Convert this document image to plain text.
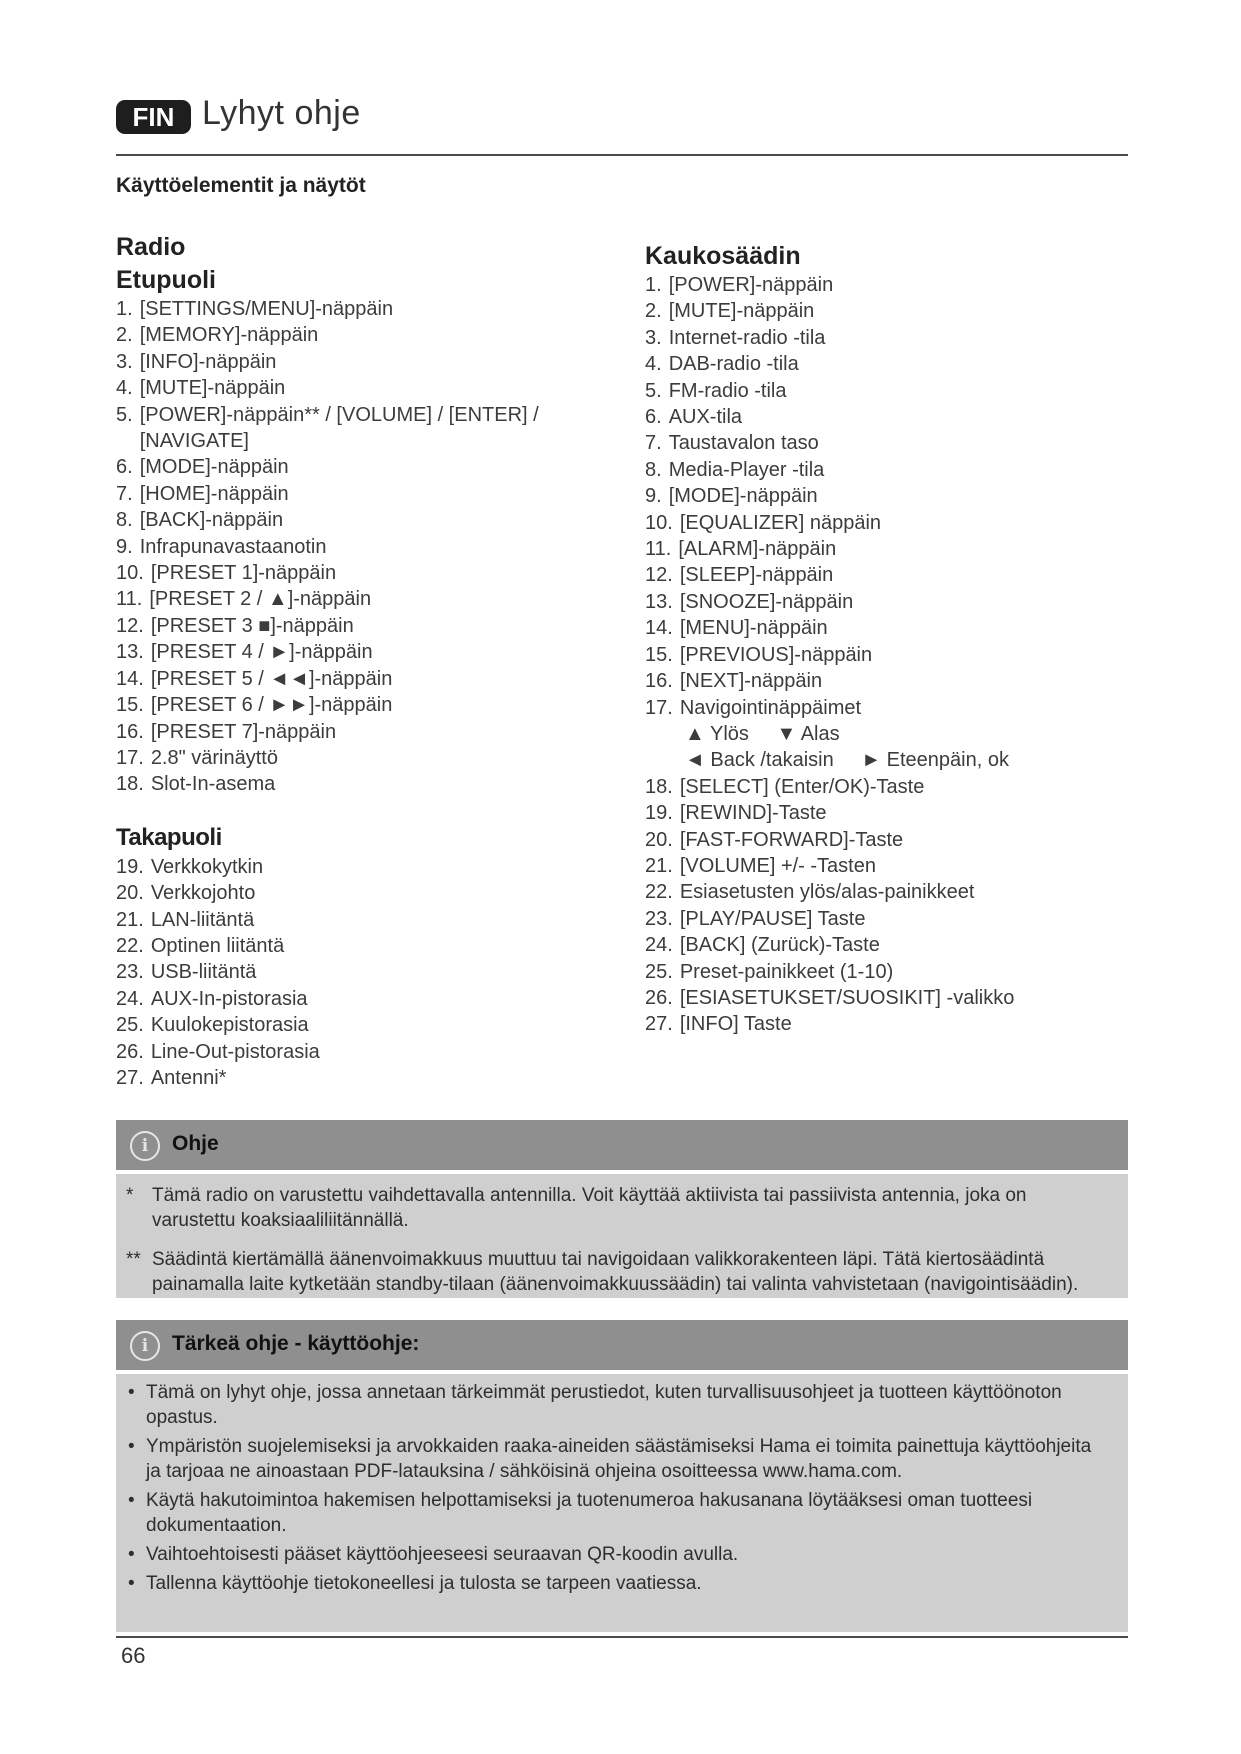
FIN Lyhyt ohje
Käyttöelementit ja näytöt
Radio
Etupuoli
1. [SETTINGS/MENU]-näppäin
2. [MEMORY]-näppäin
3. [INFO]-näppäin
4. [MUTE]-näppäin
5. [POWER]-näppäin** / [VOLUME] / [ENTER] / [NAVIGATE]
6. [MODE]-näppäin
7. [HOME]-näppäin
8. [BACK]-näppäin
9. Infrapunavastaanotin
10. [PRESET 1]-näppäin
11. [PRESET 2 / ▲]-näppäin
12. [PRESET 3 ■]-näppäin
13. [PRESET 4 / ►]-näppäin
14. [PRESET 5 / ◄◄]-näppäin
15. [PRESET 6 / ►►]-näppäin
16. [PRESET 7]-näppäin
17. 2.8" värinäyttö
18. Slot-In-asema
Takapuoli
19. Verkkokytkin
20. Verkkojohto
21. LAN-liitäntä
22. Optinen liitäntä
23. USB-liitäntä
24. AUX-In-pistorasia
25. Kuulokepistorasia
26. Line-Out-pistorasia
27. Antenni*
Kaukosäädin
1. [POWER]-näppäin
2. [MUTE]-näppäin
3. Internet-radio -tila
4. DAB-radio -tila
5. FM-radio -tila
6. AUX-tila
7. Taustavalon taso
8. Media-Player -tila
9. [MODE]-näppäin
10. [EQUALIZER] näppäin
11. [ALARM]-näppäin
12. [SLEEP]-näppäin
13. [SNOOZE]-näppäin
14. [MENU]-näppäin
15. [PREVIOUS]-näppäin
16. [NEXT]-näppäin
17. Navigointinäppäimet
▲ Ylös ▼ Alas
◄ Back /takaisin ► Eteenpäin, ok
18. [SELECT] (Enter/OK)-Taste
19. [REWIND]-Taste
20. [FAST-FORWARD]-Taste
21. [VOLUME] +/- -Tasten
22. Esiasetusten ylös/alas-painikkeet
23. [PLAY/PAUSE] Taste
24. [BACK] (Zurück)-Taste
25. Preset-painikkeet (1-10)
26. [ESIASETUKSET/SUOSIKIT] -valikko
27. [INFO] Taste
i	Ohje
* Tämä radio on varustettu vaihdettavalla antennilla. Voit käyttää aktiivista tai passiivista antennia, joka on varustettu koaksiaaliliitännällä.
** Säädintä kiertämällä äänenvoimakkuus muuttuu tai navigoidaan valikkorakenteen läpi. Tätä kiertosäädintä painamalla laite kytketään standby-tilaan (äänenvoimakkuussäädin) tai valinta vahvistetaan (navigointisäädin).
i	Tärkeä ohje - käyttöohje:
• Tämä on lyhyt ohje, jossa annetaan tärkeimmät perustiedot, kuten turvallisuusohjeet ja tuotteen käyttöönoton opastus.
• Ympäristön suojelemiseksi ja arvokkaiden raaka-aineiden säästämiseksi Hama ei toimita painettuja käyttöohjeita ja tarjoaa ne ainoastaan PDF-latauksina / sähköisinä ohjeina osoitteessa www.hama.com.
• Käytä hakutoimintoa hakemisen helpottamiseksi ja tuotenumeroa hakusanana löytääksesi oman tuotteesi dokumentaation.
• Vaihtoehtoisesti pääset käyttöohjeeseesi seuraavan QR-koodin avulla.
• Tallenna käyttöohje tietokoneellesi ja tulosta se tarpeen vaatiessa.
66
